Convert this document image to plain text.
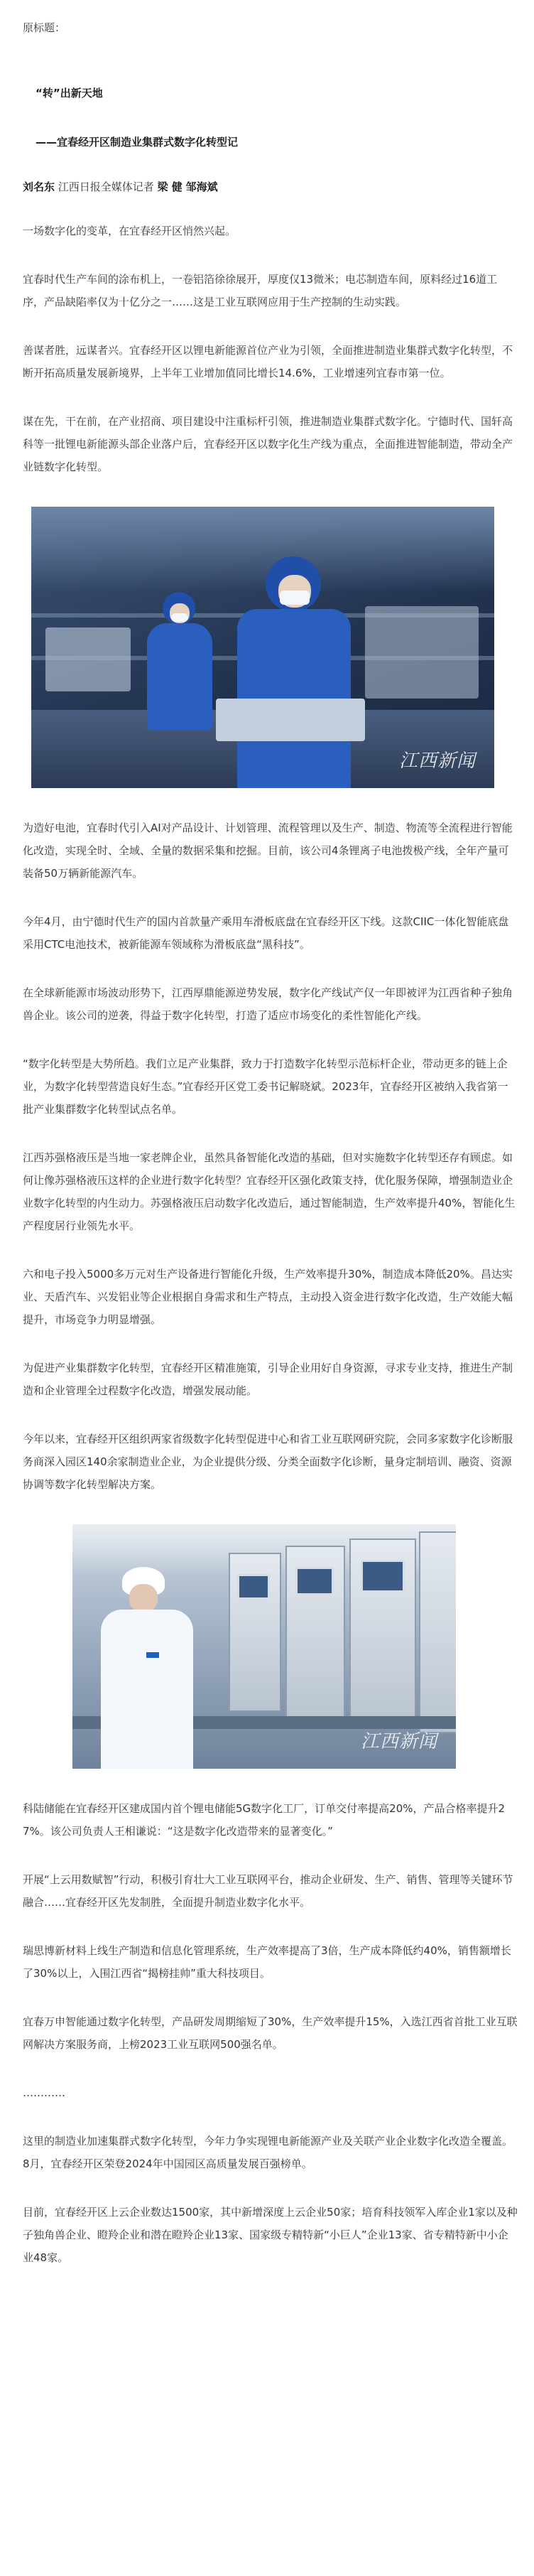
原标题：
“转”出新天地
——宜春经开区制造业集群式数字化转型记
刘名东 江西日报全媒体记者 梁 健 邹海斌

一场数字化的变革，在宜春经开区悄然兴起。

宜春时代生产车间的涂布机上，一卷铝箔徐徐展开，厚度仅13微米；电芯制造车间，原料经过16道工序，产品缺陷率仅为十亿分之一……这是工业互联网应用于生产控制的生动实践。

善谋者胜，远谋者兴。宜春经开区以锂电新能源首位产业为引领，全面推进制造业集群式数字化转型，不断开拓高质量发展新境界，上半年工业增加值同比增长14.6%，工业增速列宜春市第一位。

谋在先，干在前，在产业招商、项目建设中注重标杆引领，推进制造业集群式数字化。宁德时代、国轩高科等一批锂电新能源头部企业落户后，宜春经开区以数字化生产线为重点，全面推进智能制造，带动全产业链数字化转型。

江西新闻

为造好电池，宜春时代引入AI对产品设计、计划管理、流程管理以及生产、制造、物流等全流程进行智能化改造，实现全时、全域、全量的数据采集和挖掘。目前，该公司4条锂离子电池拨极产线，全年产量可装备50万辆新能源汽车。

今年4月，由宁德时代生产的国内首款量产乘用车滑板底盘在宜春经开区下线。这款CIIC一体化智能底盘采用CTC电池技术，被新能源车领域称为滑板底盘“黑科技”。

在全球新能源市场波动形势下，江西厚鼎能源逆势发展，数字化产线试产仅一年即被评为江西省种子独角兽企业。该公司的逆袭，得益于数字化转型，打造了适应市场变化的柔性智能化产线。

“数字化转型是大势所趋。我们立足产业集群，致力于打造数字化转型示范标杆企业，带动更多的链上企业，为数字化转型营造良好生态。”宜春经开区党工委书记解晓斌。2023年，宜春经开区被纳入我省第一批产业集群数字化转型试点名单。

江西苏强格液压是当地一家老牌企业，虽然具备智能化改造的基础，但对实施数字化转型还存有顾虑。如何让像苏强格液压这样的企业进行数字化转型？宜春经开区强化政策支持，优化服务保障，增强制造业企业数字化转型的内生动力。苏强格液压启动数字化改造后，通过智能制造，生产效率提升40%，智能化生产程度居行业领先水平。

六和电子投入5000多万元对生产设备进行智能化升级，生产效率提升30%，制造成本降低20%。昌达实业、天盾汽车、兴发铝业等企业根据自身需求和生产特点，主动投入资金进行数字化改造，生产效能大幅提升，市场竞争力明显增强。

为促进产业集群数字化转型，宜春经开区精准施策，引导企业用好自身资源，寻求专业支持，推进生产制造和企业管理全过程数字化改造，增强发展动能。

今年以来，宜春经开区组织两家省级数字化转型促进中心和省工业互联网研究院，会同多家数字化诊断服务商深入园区140余家制造业企业，为企业提供分级、分类全面数字化诊断，量身定制培训、融资、资源协调等数字化转型解决方案。

江西新闻

科陆储能在宜春经开区建成国内首个锂电储能5G数字化工厂，订单交付率提高20%，产品合格率提升27%。该公司负责人王相谦说：“这是数字化改造带来的显著变化。”

开展“上云用数赋智”行动，积极引育壮大工业互联网平台，推动企业研发、生产、销售、管理等关键环节融合……宜春经开区先发制胜，全面提升制造业数字化水平。

瑞思博新材料上线生产制造和信息化管理系统，生产效率提高了3倍，生产成本降低约40%，销售额增长了30%以上，入围江西省“揭榜挂帅”重大科技项目。

宜春万申智能通过数字化转型，产品研发周期缩短了30%，生产效率提升15%，入选江西省首批工业互联网解决方案服务商，上榜2023工业互联网500强名单。

…………

这里的制造业加速集群式数字化转型，今年力争实现锂电新能源产业及关联产业企业数字化改造全覆盖。8月，宜春经开区荣登2024年中国园区高质量发展百强榜单。

目前，宜春经开区上云企业数达1500家，其中新增深度上云企业50家；培育科技领军入库企业1家以及种子独角兽企业、瞪羚企业和潜在瞪羚企业13家、国家级专精特新“小巨人”企业13家、省专精特新中小企业48家。
